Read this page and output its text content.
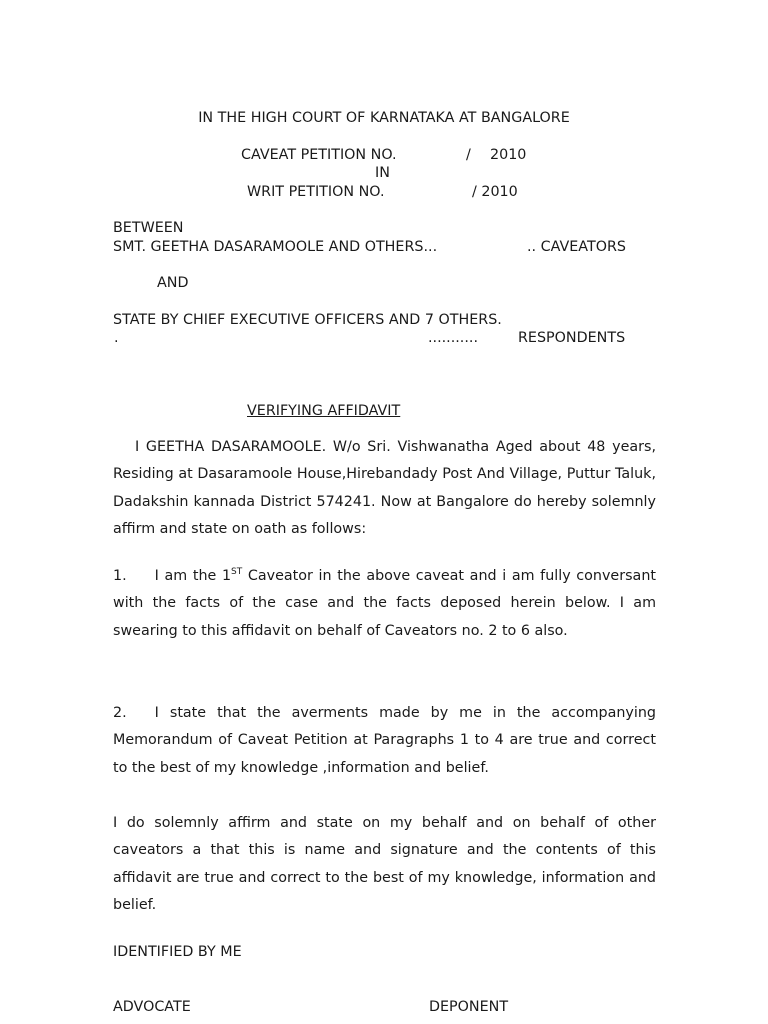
IN THE HIGH COURT OF KARNATAKA AT BANGALORE
CAVEAT PETITION NO.	/ 2010
IN
WRIT PETITION NO.	/ 2010
BETWEEN
SMT. GEETHA DASARAMOOLE AND OTHERS...	.. CAVEATORS
AND
STATE BY CHIEF EXECUTIVE OFFICERS AND 7 OTHERS.
.	...........	RESPONDENTS
VERIFYING AFFIDAVIT

I GEETHA DASARAMOOLE. W/o Sri. Vishwanatha Aged about 48 years, Residing at Dasaramoole House,Hirebandady Post And Village, Puttur Taluk, Dadakshin kannada District 574241. Now at Bangalore do hereby solemnly affirm and state on oath as follows:

1. I am the 1ST Caveator in the above caveat and i am fully conversant with the facts of the case and the facts deposed herein below. I am swearing to this affidavit on behalf of Caveators no. 2 to 6 also.

2. I state that the averments made by me in the accompanying Memorandum of Caveat Petition at Paragraphs 1 to 4 are true and correct to the best of my knowledge ,information and belief.

I do solemnly affirm and state on my behalf and on behalf of other caveators a that this is name and signature and the contents of this affidavit are true and correct to the best of my knowledge, information and belief.

IDENTIFIED BY ME
ADVOCATE	DEPONENT
